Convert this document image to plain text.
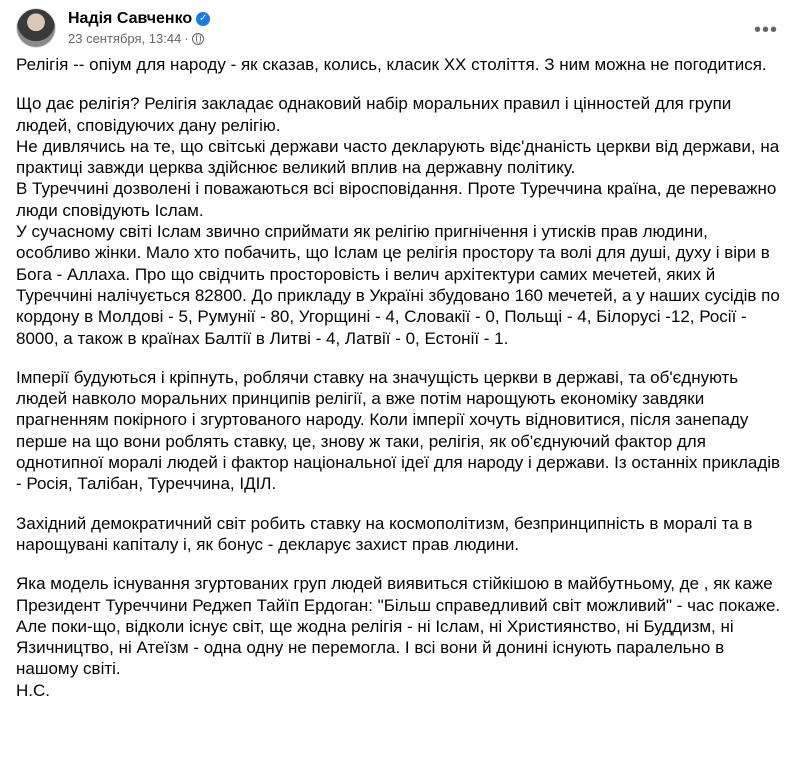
Надія Савченко ✓
23 сентября, 13:44 ·	•••

Релігія -- опіум для народу - як сказав, колись, класик XX століття. З ним можна не погодитися.

Що дає релігія? Релігія закладає однаковий набір моральних правил і цінностей для групи людей, сповідуючих дану релігію.
Не дивлячись на те, що світські держави часто декларують відє'днаність церкви від держави, на практиці завжди церква здійснює великий вплив на державну політику.
В Туреччині дозволені і поважаються всі віросповідання. Проте Туреччина країна, де переважно люди сповідують Іслам.
У сучасному світі Іслам звично сприймати як релігію пригнічення і утисків прав людини, особливо жінки. Мало хто побачить, що Іслам це релігія простору та волі для душі, духу і віри в Бога - Аллаха. Про що свідчить просторовість і велич архітектури самих мечетей, яких й Туреччині налічується 82800. До прикладу в Україні збудовано 160 мечетей, а у наших сусідів по кордону в Молдові - 5, Румунії - 80, Угорщині - 4, Словакії - 0, Польщі - 4, Білорусі -12, Росії - 8000, а також в країнах Балтії в Литві - 4, Латвії - 0, Естонії - 1.

Імперії будуються і кріпнуть, роблячи ставку на значущість церкви в державі, та об'єднують людей навколо моральних принципів релігії, а вже потім нарощують економіку завдяки прагненням покірного і згуртованого народу. Коли імперії хочуть відновитися, після занепаду перше на що вони роблять ставку, це, знову ж таки, релігія, як об'єднуючий фактор для однотипної моралі людей і фактор національної ідеї для народу і держави. Із останніх прикладів - Росія, Талібан, Туреччина, ІДІЛ.

Західний демократичний світ робить ставку на космополітизм, безпринципність в моралі та в нарощувані капіталу і, як бонус - декларує захист прав людини.

Яка модель існування згуртованих груп людей виявиться стійкішою в майбутньому, де , як каже Президент Туреччини Реджеп Тайїп Ердоган: "Більш справедливий світ можливий" - час покаже. Але поки-що, відколи існує світ, ще жодна релігія - ні Іслам, ні Християнство, ні Буддизм, ні Язичництво, ні Атеїзм - одна одну не перемогла. І всі вони й донині існують паралельно в нашому світі.
Н.С.
